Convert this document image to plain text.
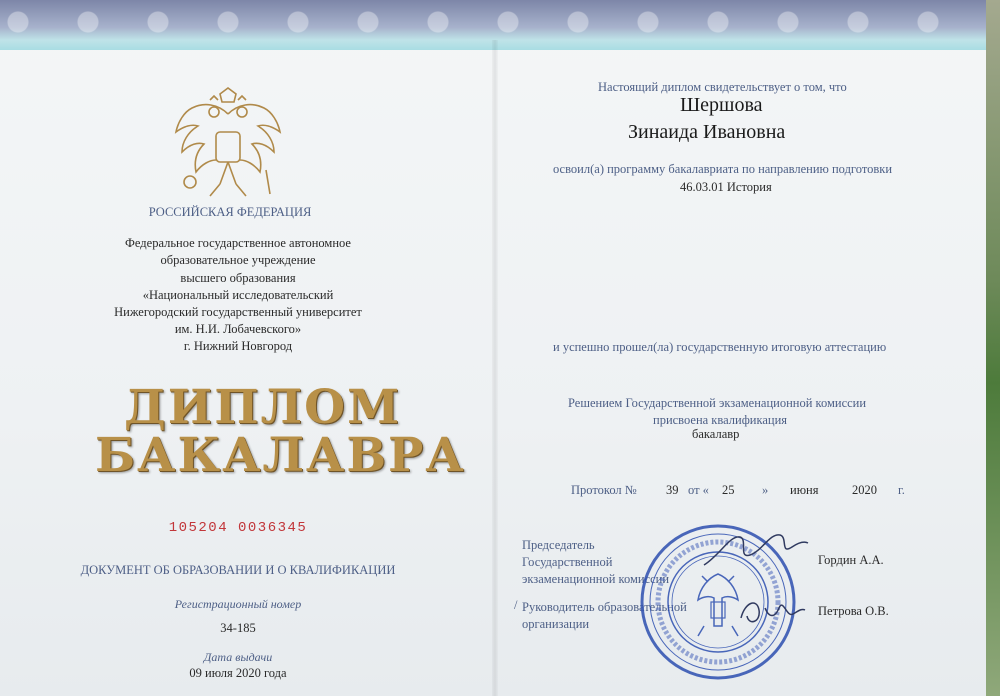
РОССИЙСКАЯ ФЕДЕРАЦИЯ
Федеральное государственное автономное
образовательное учреждение
высшего образования
«Национальный исследовательский
Нижегородский государственный университет
им. Н.И. Лобачевского»
г. Нижний Новгород
ДИПЛОМ
БАКАЛАВРА
105204 0036345
ДОКУМЕНТ ОБ ОБРАЗОВАНИИ И О КВАЛИФИКАЦИИ
Регистрационный номер
34-185
Дата выдачи
09 июля 2020 года
Настоящий диплом свидетельствует о том, что
Шершова
Зинаида Ивановна
освоил(а) программу бакалавриата по направлению подготовки
46.03.01 История
и успешно прошел(ла) государственную итоговую аттестацию
Решением Государственной экзаменационной комиссии
присвоена квалификация
бакалавр
Протокол № 39 от « 25 » июня	2020 г.
Председатель
Государственной
экзаменационной комиссии
Гордин А.А.
/ Руководитель образовательной
организации
Петрова О.В.
